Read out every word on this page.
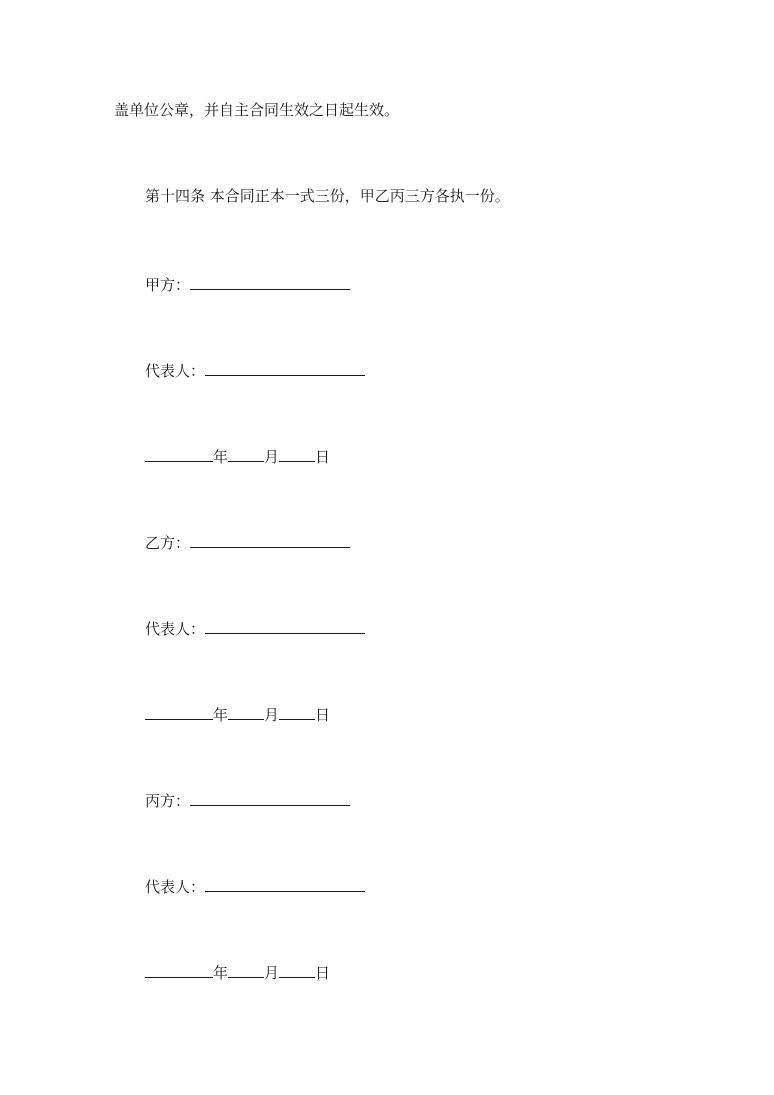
盖单位公章，并自主合同生效之日起生效。
第十四条 本合同正本一式三份，甲乙丙三方各执一份。
甲方：
代表人：
年 月 日
乙方：
代表人：
年 月 日
丙方：
代表人：
年 月 日
